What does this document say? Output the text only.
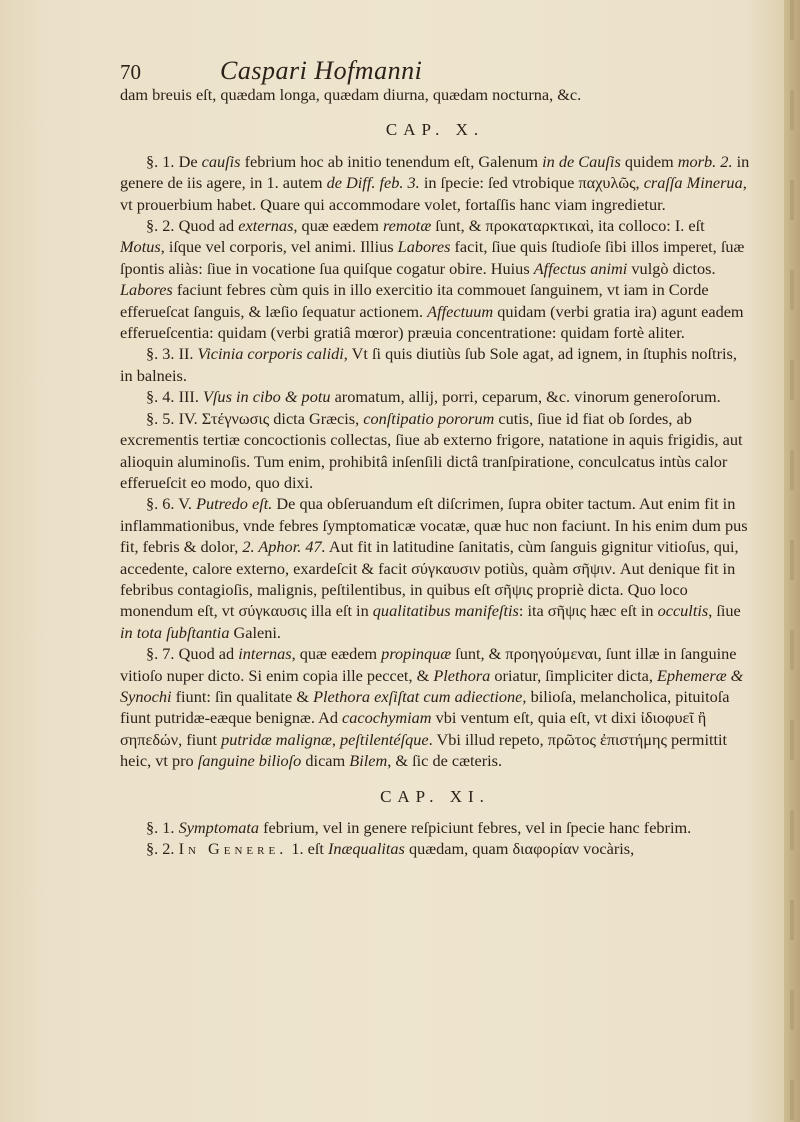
70	Caspari Hofmanni

dam breuis eſt, quædam longa, quædam diurna, quædam nocturna, &c.

CAP. X.

§. 1. De cauſis febrium hoc ab initio tenendum eſt, Galenum in de Cauſis quidem morb. 2. in genere de iis agere, in 1. autem de Diff. feb. 3. in ſpecie: ſed vtrobique παχυλῶς, craſſa Minerua, vt prouerbium habet. Quare qui accommodare volet, fortaſſis hanc viam ingredietur.

§. 2. Quod ad externas, quæ eædem remotæ ſunt, & προκαταρκτικαὶ, ita colloco: I. eſt Motus, iſque vel corporis, vel animi. Illius Labores facit, ſiue quis ſtudioſe ſibi illos imperet, ſuæ ſpontis aliàs: ſiue in vocatione ſua quiſque cogatur obire. Huius Affectus animi vulgò dictos. Labores faciunt febres cùm quis in illo exercitio ita commouet ſanguinem, vt iam in Corde efferueſcat ſanguis, & læſio ſequatur actionem. Affectuum quidam (verbi gratia ira) agunt eadem efferueſcentia: quidam (verbi gratiâ mœror) præuia concentratione: quidam fortè aliter.

§. 3. II. Vicinia corporis calidi, Vt ſi quis diutiùs ſub Sole agat, ad ignem, in ſtuphis noſtris, in balneis.

§. 4. III. Vſus in cibo & potu aromatum, allij, porri, ceparum, &c. vinorum generoſorum.

§. 5. IV. Στέγνωσις dicta Græcis, conſtipatio pororum cutis, ſiue id fiat ob ſordes, ab excrementis tertiæ concoctionis collectas, ſiue ab externo frigore, natatione in aquis frigidis, aut alioquin aluminoſis. Tum enim, prohibitâ inſenſili dictâ tranſpiratione, conculcatus intùs calor efferueſcit eo modo, quo dixi.

§. 6. V. Putredo eſt. De qua obſeruandum eſt diſcrimen, ſupra obiter tactum. Aut enim fit in inflammationibus, vnde febres ſymptomaticæ vocatæ, quæ huc non faciunt. In his enim dum pus fit, febris & dolor, 2. Aphor. 47. Aut fit in latitudine ſanitatis, cùm ſanguis gignitur vitioſus, qui, accedente, calore externo, exardeſcit & facit σύγκαυσιν potiùs, quàm σῆψιν. Aut denique fit in febribus contagioſis, malignis, peſtilentibus, in quibus eſt σῆψις propriè dicta. Quo loco monendum eſt, vt σύγκαυσις illa eſt in qualitatibus manifeſtis: ita σῆψις hæc eſt in occultis, ſiue in tota ſubſtantia Galeni.

§. 7. Quod ad internas, quæ eædem propinquæ ſunt, & προηγούμεναι, ſunt illæ in ſanguine vitioſo nuper dicto. Si enim copia ille peccet, & Plethora oriatur, ſimpliciter dicta, Ephemeræ & Synochi fiunt: ſin qualitate & Plethora exſiſtat cum adiectione, bilioſa, melancholica, pituitoſa fiunt putridæ-eæque benignæ. Ad cacochymiam vbi ventum eſt, quia eſt, vt dixi ἰδιοφυεῖ ἢ σηπεδών, fiunt putridæ malignæ, peſtilentéſque. Vbi illud repeto, πρῶτος ἐπιστήμης permittit heic, vt pro ſanguine bilioſo dicam Bilem, & ſic de cæteris.

CAP. XI.

§. 1. Symptomata febrium, vel in genere reſpiciunt febres, vel in ſpecie hanc febrim.

§. 2. In Genere. 1. eſt Inæqualitas quædam, quam διαφορίαν vocàris,
